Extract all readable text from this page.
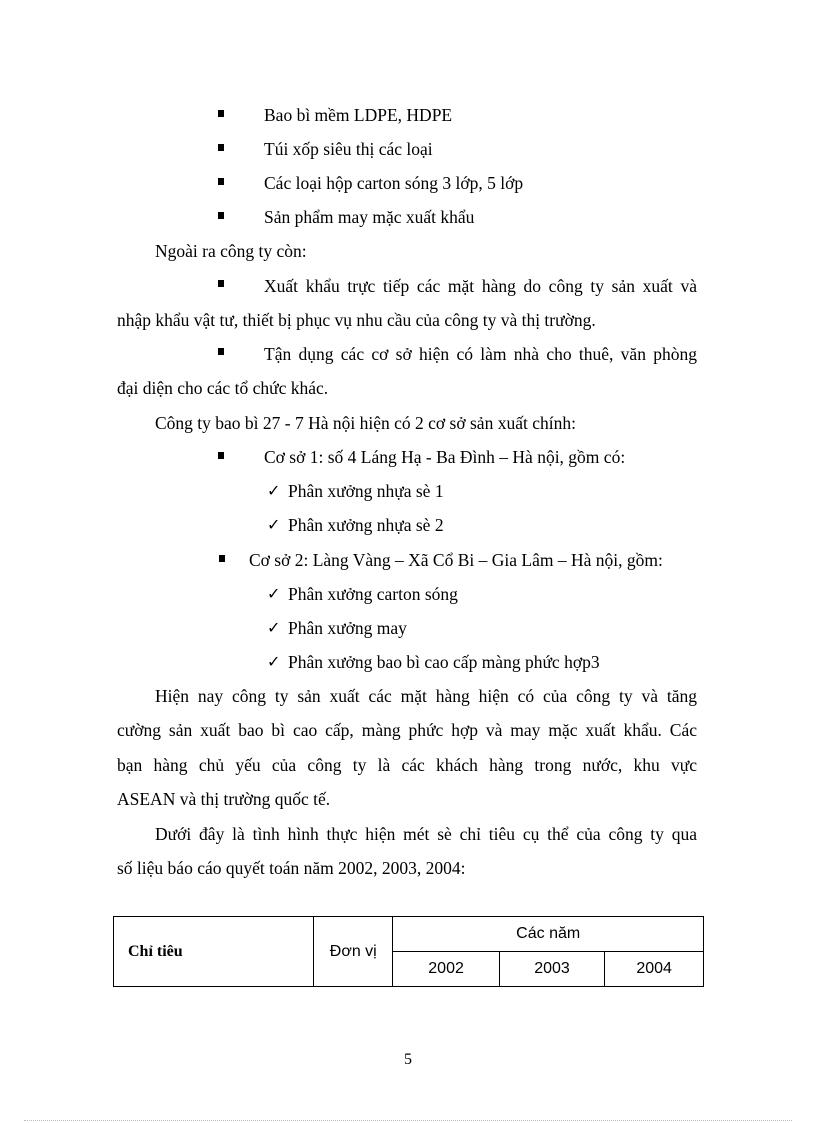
Bao bì mềm LDPE, HDPE
Túi xốp siêu thị các loại
Các loại hộp carton sóng 3 lớp, 5 lớp
Sản phẩm may mặc xuất khẩu
Ngoài ra công ty còn:
Xuất khẩu trực tiếp các mặt hàng do công ty sản xuất và
nhập khẩu vật tư, thiết bị phục vụ nhu cầu của công ty và thị trường.
Tận dụng các cơ sở hiện có làm nhà cho thuê, văn phòng
đại diện cho các tổ chức khác.
Công ty bao bì 27 - 7 Hà nội hiện có 2 cơ sở sản xuất chính:
Cơ sở 1: số 4 Láng Hạ - Ba Đình – Hà nội, gồm có:
✓ Phân xưởng nhựa sè 1
✓ Phân xưởng nhựa sè 2
Cơ sở 2: Làng Vàng – Xã Cổ Bi – Gia Lâm – Hà nội, gồm:
✓ Phân xưởng carton sóng
✓ Phân xưởng may
✓ Phân xưởng bao bì cao cấp màng phức hợp3
Hiện nay công ty sản xuất các mặt hàng hiện có của công ty và tăng
cường sản xuất bao bì cao cấp, màng phức hợp và may mặc xuất khẩu. Các
bạn hàng chủ yếu của công ty là các khách hàng trong nước, khu vực
ASEAN và thị trường quốc tế.
Dưới đây là tình hình thực hiện mét sè chỉ tiêu cụ thể của công ty qua
số liệu báo cáo quyết toán năm 2002, 2003, 2004:
Chỉ tiêu	Đơn vị	Các năm		
		2002	2003	2004
5
